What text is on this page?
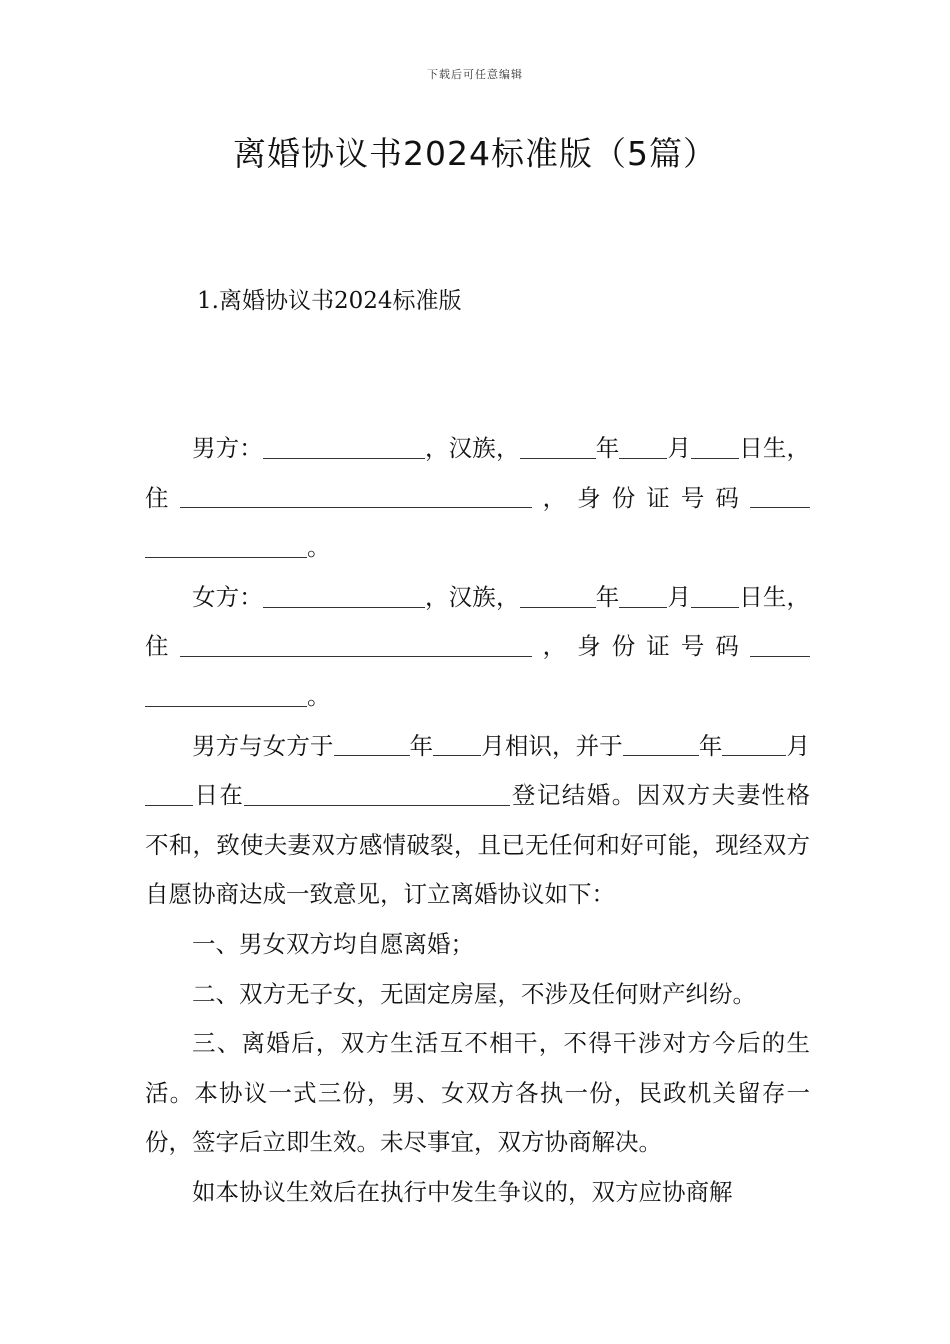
下载后可任意编辑
离婚协议书2024标准版（5篇）
1.离婚协议书2024标准版

男方：	，汉族，	年 月 日生，住	，身份证号码。

女方：	，汉族，	年 月 日生，住	，身份证号码。

男方与女方于	年 月相识，并于	年	月日在	登记结婚。因双方夫妻性格不和，致使夫妻双方感情破裂，且已无任何和好可能，现经双方自愿协商达成一致意见，订立离婚协议如下：

一、男女双方均自愿离婚；

二、双方无子女，无固定房屋，不涉及任何财产纠纷。

三、离婚后，双方生活互不相干，不得干涉对方今后的生活。本协议一式三份，男、女双方各执一份，民政机关留存一份，签字后立即生效。未尽事宜，双方协商解决。

如本协议生效后在执行中发生争议的，双方应协商解
